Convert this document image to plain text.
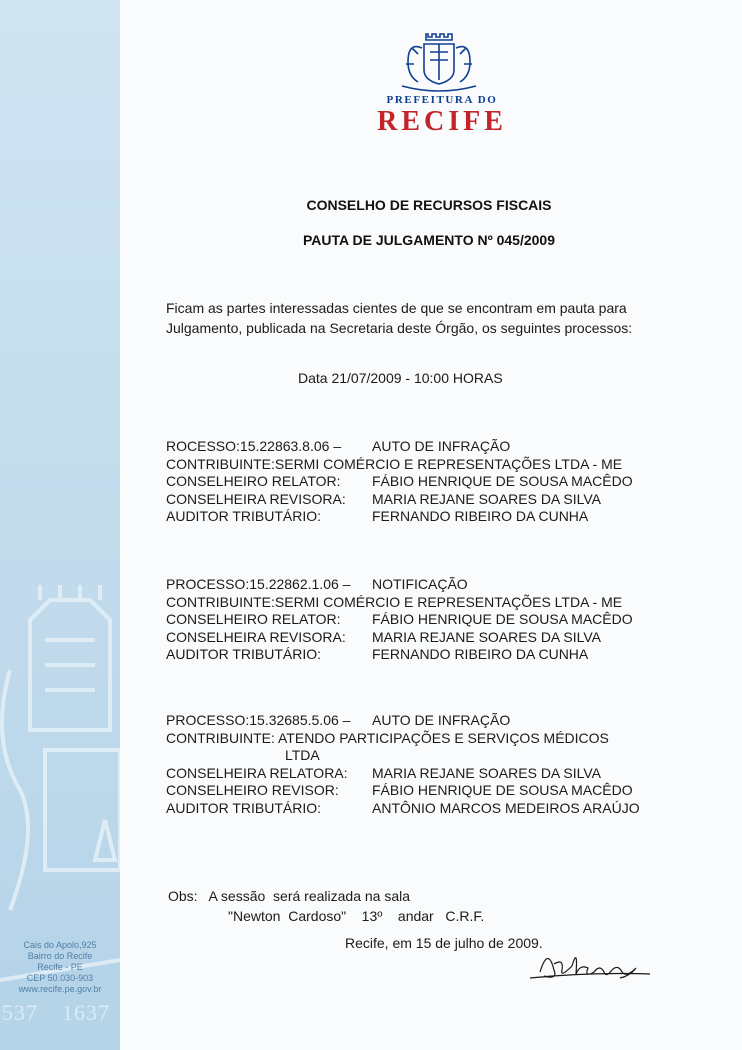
Cais do Apolo,925
Bairro do Recife
Recife - PE
CEP 50.030-903
www.recife.pe.gov.br
537 1637
PREFEITURA DO
RECIFE
CONSELHO DE RECURSOS FISCAIS
PAUTA DE JULGAMENTO Nº 045/2009
Ficam as partes interessadas cientes de que se encontram em pauta para Julgamento, publicada na Secretaria deste Órgão, os seguintes processos:
Data 21/07/2009 - 10:00 HORAS
ROCESSO:15.22863.8.06 –	AUTO DE INFRAÇÃO
CONTRIBUINTE:SERMI COMÉRCIO E REPRESENTAÇÕES LTDA - ME
CONSELHEIRO RELATOR:	FÁBIO HENRIQUE DE SOUSA MACÊDO
CONSELHEIRA REVISORA:	MARIA REJANE SOARES DA SILVA
AUDITOR TRIBUTÁRIO:	FERNANDO RIBEIRO DA CUNHA
PROCESSO:15.22862.1.06 –	NOTIFICAÇÃO
CONTRIBUINTE:SERMI COMÉRCIO E REPRESENTAÇÕES LTDA - ME
CONSELHEIRO RELATOR:	FÁBIO HENRIQUE DE SOUSA MACÊDO
CONSELHEIRA REVISORA:	MARIA REJANE SOARES DA SILVA
AUDITOR TRIBUTÁRIO:	FERNANDO RIBEIRO DA CUNHA
PROCESSO:15.32685.5.06 –	AUTO DE INFRAÇÃO
CONTRIBUINTE: ATENDO PARTICIPAÇÕES E SERVIÇOS MÉDICOS
LTDA
CONSELHEIRA RELATORA:	MARIA REJANE SOARES DA SILVA
CONSELHEIRO REVISOR:	FÁBIO HENRIQUE DE SOUSA MACÊDO
AUDITOR TRIBUTÁRIO:	ANTÔNIO MARCOS MEDEIROS ARAÚJO
Obs:   A sessão  será realizada na sala
"Newton  Cardoso"    13º    andar   C.R.F.
Recife, em 15 de julho de 2009.
